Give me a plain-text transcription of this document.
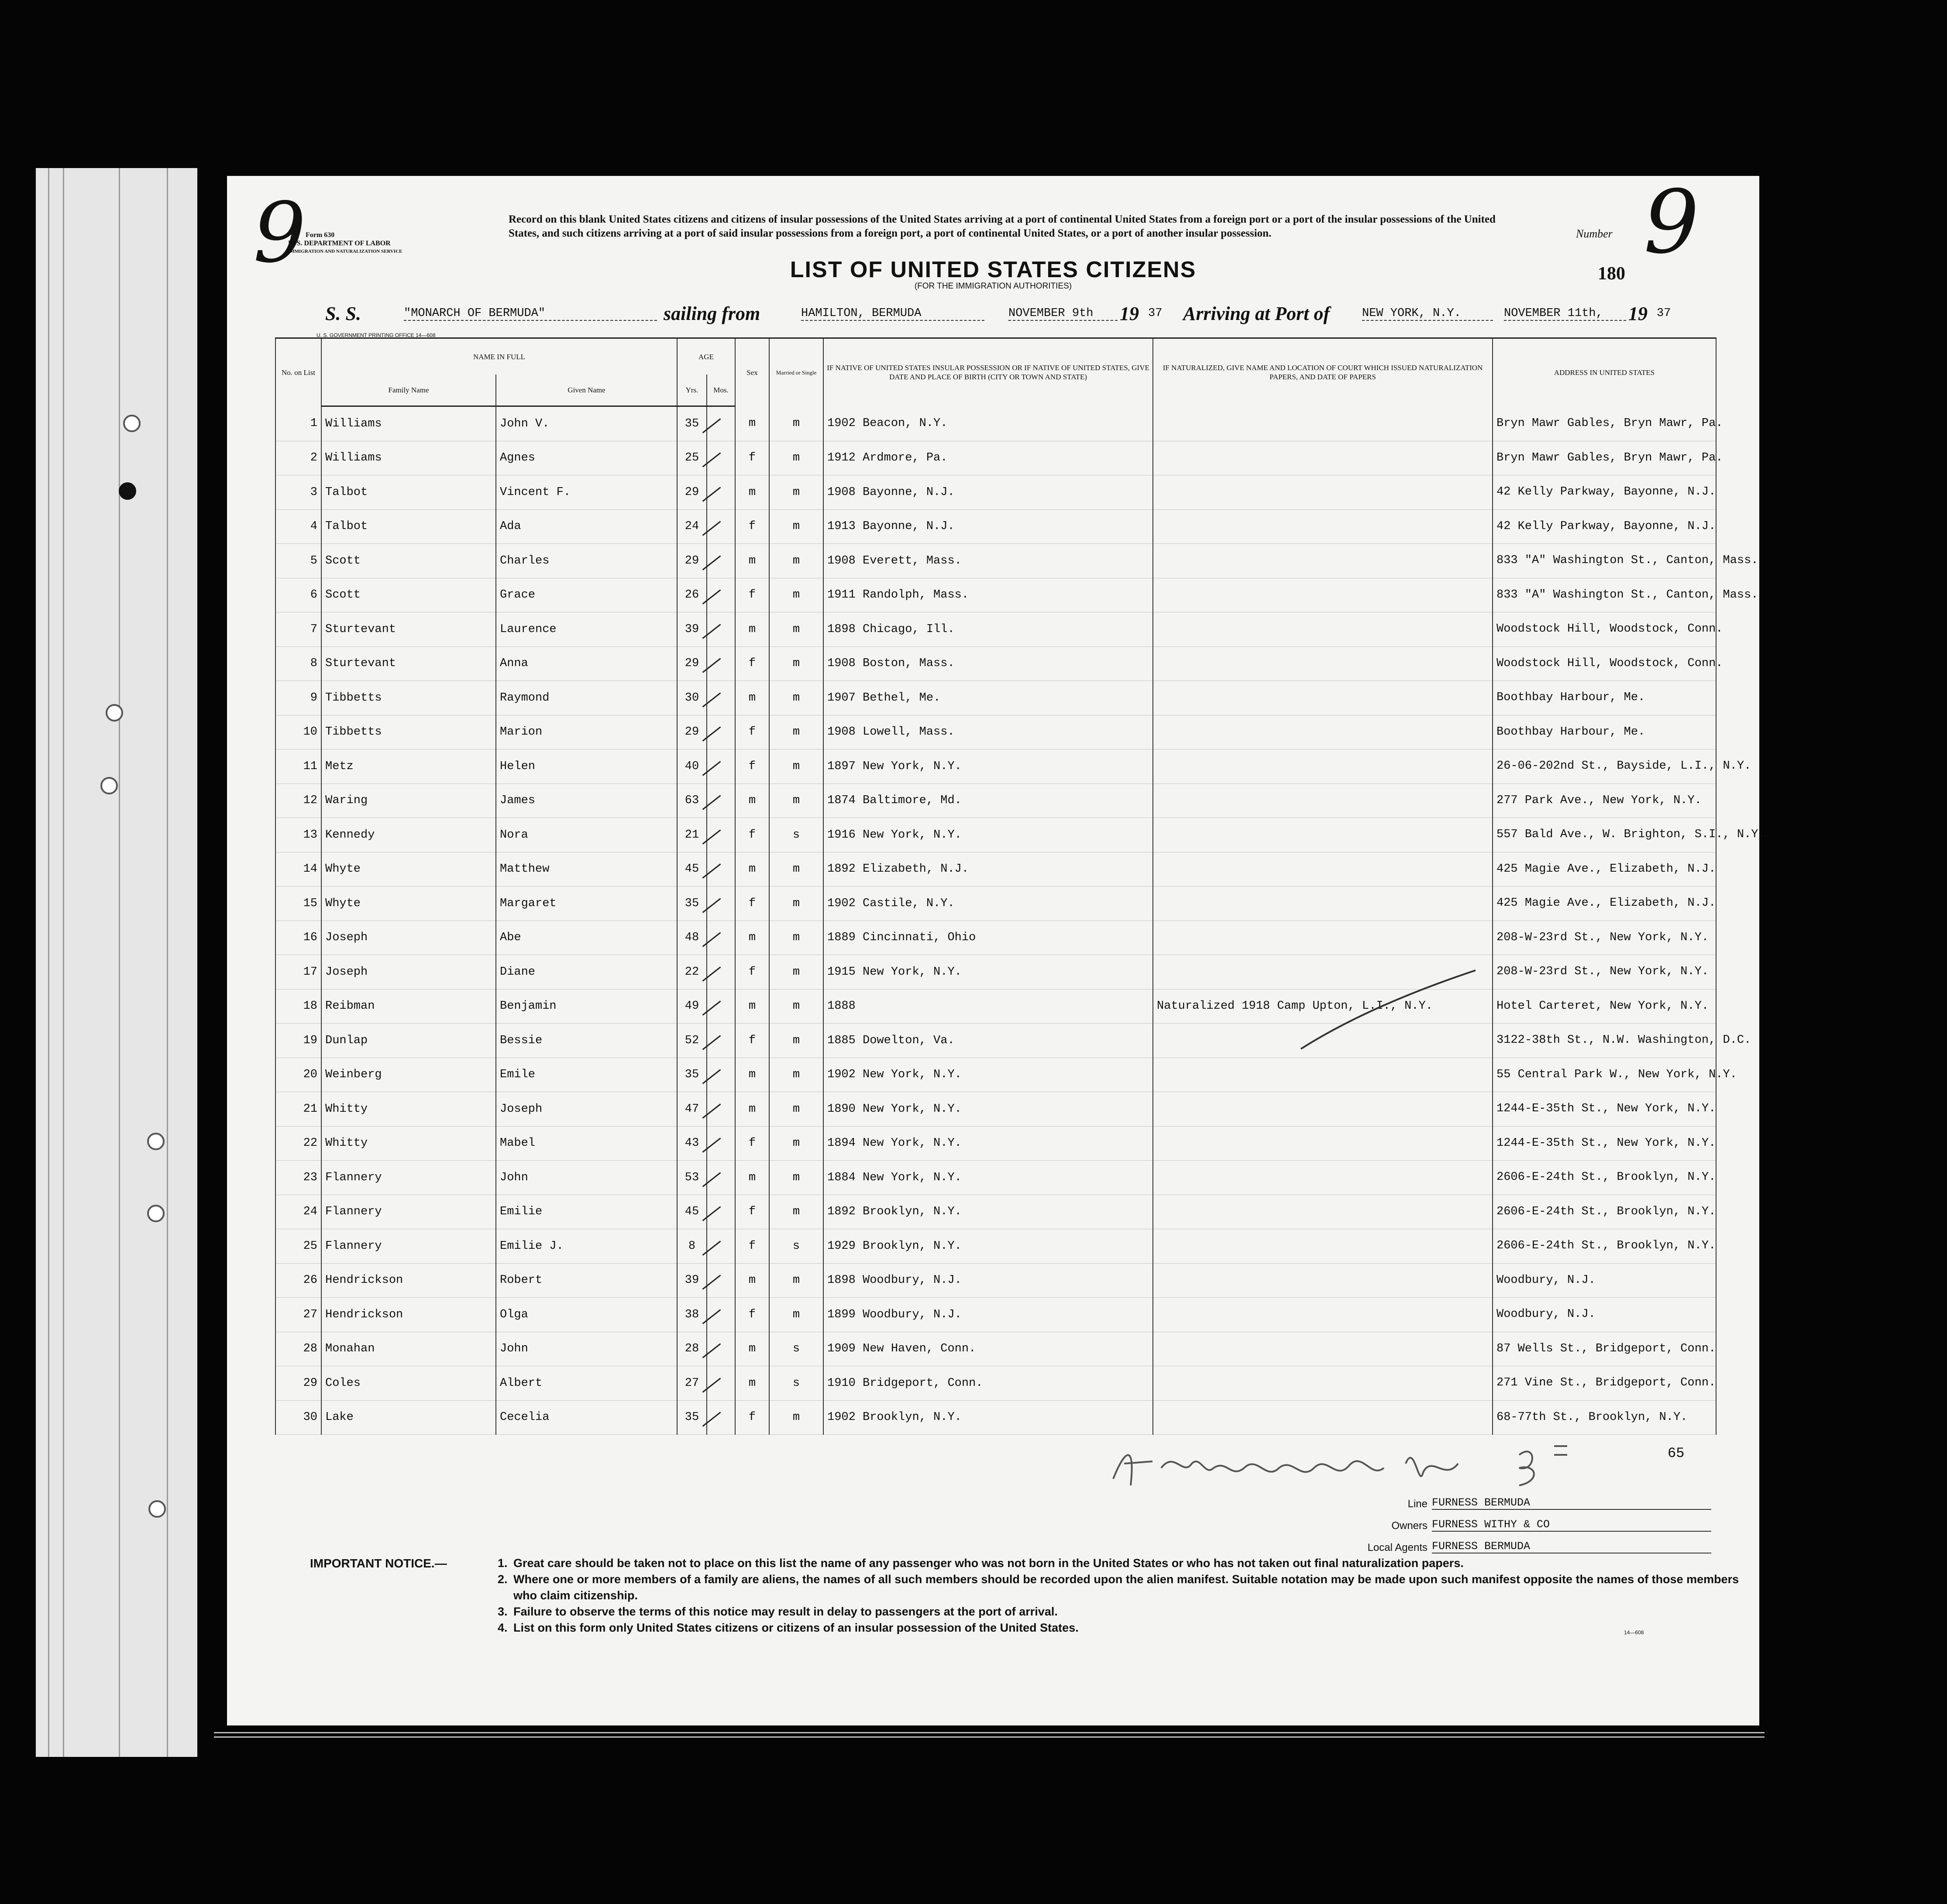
9 Form 630
U. S. DEPARTMENT OF LABOR
IMMIGRATION AND NATURALIZATION SERVICE
Record on this blank United States citizens and citizens of insular possessions of the United States arriving at a port of continental United States from a foreign port or a port of the insular possessions of the United States, and such citizens arriving at a port of said insular possessions from a foreign port, a port of continental United States, or a port of another insular possession.
LIST OF UNITED STATES CITIZENS
(FOR THE IMMIGRATION AUTHORITIES)
Number 9
180
S. S.	"MONARCH OF BERMUDA"	sailing from	HAMILTON, BERMUDA	NOVEMBER 9th	19 37 Arriving at Port of	NEW YORK, N.Y.	NOVEMBER 11th,	19 37
U. S. GOVERNMENT PRINTING OFFICE 14—608
No. on List	NAME IN FULL		AGE		Sex	Married or Single	IF NATIVE OF UNITED STATES INSULAR POSSESSION OR IF NATIVE OF UNITED STATES, GIVE DATE AND PLACE OF BIRTH (CITY OR TOWN AND STATE)	IF NATURALIZED, GIVE NAME AND LOCATION OF COURT WHICH ISSUED NATURALIZATION PAPERS, AND DATE OF PAPERS	ADDRESS IN UNITED STATES
	Family Name	Given Name	Yrs.	Mos.					
1	Williams	John V.	35		m	m	1902 Beacon, N.Y.		Bryn Mawr Gables, Bryn Mawr, Pa.
2	Williams	Agnes	25		f	m	1912 Ardmore, Pa.		Bryn Mawr Gables, Bryn Mawr, Pa.
3	Talbot	Vincent F.	29		m	m	1908 Bayonne, N.J.		42 Kelly Parkway, Bayonne, N.J.
4	Talbot	Ada	24		f	m	1913 Bayonne, N.J.		42 Kelly Parkway, Bayonne, N.J.
5	Scott	Charles	29		m	m	1908 Everett, Mass.		833 "A" Washington St., Canton, Mass.
6	Scott	Grace	26		f	m	1911 Randolph, Mass.		833 "A" Washington St., Canton, Mass.
7	Sturtevant	Laurence	39		m	m	1898 Chicago, Ill.		Woodstock Hill, Woodstock, Conn.
8	Sturtevant	Anna	29		f	m	1908 Boston, Mass.		Woodstock Hill, Woodstock, Conn.
9	Tibbetts	Raymond	30		m	m	1907 Bethel, Me.		Boothbay Harbour, Me.
10	Tibbetts	Marion	29		f	m	1908 Lowell, Mass.		Boothbay Harbour, Me.
11	Metz	Helen	40		f	m	1897 New York, N.Y.		26-06-202nd St., Bayside, L.I., N.Y.
12	Waring	James	63		m	m	1874 Baltimore, Md.		277 Park Ave., New York, N.Y.
13	Kennedy	Nora	21		f	s	1916 New York, N.Y.		557 Bald Ave., W. Brighton, S.I., N.Y.
14	Whyte	Matthew	45		m	m	1892 Elizabeth, N.J.		425 Magie Ave., Elizabeth, N.J.
15	Whyte	Margaret	35		f	m	1902 Castile, N.Y.		425 Magie Ave., Elizabeth, N.J.
16	Joseph	Abe	48		m	m	1889 Cincinnati, Ohio		208-W-23rd St., New York, N.Y.
17	Joseph	Diane	22		f	m	1915 New York, N.Y.		208-W-23rd St., New York, N.Y.
18	Reibman	Benjamin	49		m	m	1888	Naturalized 1918 Camp Upton, L.I., N.Y.	Hotel Carteret, New York, N.Y.
19	Dunlap	Bessie	52		f	m	1885 Dowelton, Va.		3122-38th St., N.W. Washington, D.C.
20	Weinberg	Emile	35		m	m	1902 New York, N.Y.		55 Central Park W., New York, N.Y.
21	Whitty	Joseph	47		m	m	1890 New York, N.Y.		1244-E-35th St., New York, N.Y.
22	Whitty	Mabel	43		f	m	1894 New York, N.Y.		1244-E-35th St., New York, N.Y.
23	Flannery	John	53		m	m	1884 New York, N.Y.		2606-E-24th St., Brooklyn, N.Y.
24	Flannery	Emilie	45		f	m	1892 Brooklyn, N.Y.		2606-E-24th St., Brooklyn, N.Y.
25	Flannery	Emilie J.	8		f	s	1929 Brooklyn, N.Y.		2606-E-24th St., Brooklyn, N.Y.
26	Hendrickson	Robert	39		m	m	1898 Woodbury, N.J.		Woodbury, N.J.
27	Hendrickson	Olga	38		f	m	1899 Woodbury, N.J.		Woodbury, N.J.
28	Monahan	John	28		m	s	1909 New Haven, Conn.		87 Wells St., Bridgeport, Conn.
29	Coles	Albert	27		m	s	1910 Bridgeport, Conn.		271 Vine St., Bridgeport, Conn.
30	Lake	Cecelia	35		f	m	1902 Brooklyn, N.Y.		68-77th St., Brooklyn, N.Y.
65
Line FURNESS BERMUDA
Owners FURNESS WITHY & CO
Local Agents FURNESS BERMUDA
IMPORTANT NOTICE.—	1. Great care should be taken not to place on this list the name of any passenger who was not born in the United States or who has not taken out final naturalization papers.
2. Where one or more members of a family are aliens, the names of all such members should be recorded upon the alien manifest. Suitable notation may be made upon such manifest opposite the names of those members who claim citizenship.
3. Failure to observe the terms of this notice may result in delay to passengers at the port of arrival.
4. List on this form only United States citizens or citizens of an insular possession of the United States.	14—608
